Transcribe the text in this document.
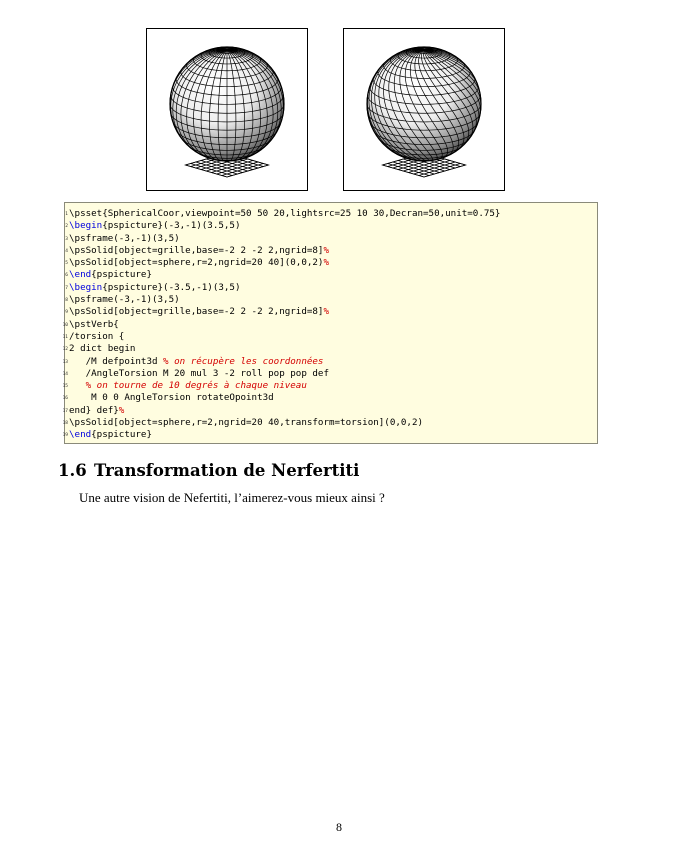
1 \psset{SphericalCoor,viewpoint=50 50 20,lightsrc=25 10 30,Decran=50,unit=0.75}
2 \begin{pspicture}(-3,-1)(3.5,5)
3 \psframe(-3,-1)(3,5)
4 \psSolid[object=grille,base=-2 2 -2 2,ngrid=8]%
5 \psSolid[object=sphere,r=2,ngrid=20 40](0,0,2)%
6 \end{pspicture}
7 \begin{pspicture}(-3.5,-1)(3,5)
8 \psframe(-3,-1)(3,5)
9 \psSolid[object=grille,base=-2 2 -2 2,ngrid=8]%
10 \pstVerb{
11 /torsion {
12 2 dict begin
13 /M defpoint3d % on récupère les coordonnées
14 /AngleTorsion M 20 mul 3 -2 roll pop pop def
15 % on tourne de 10 degrés à chaque niveau
16 M 0 0 AngleTorsion rotateOpoint3d
17 end} def}%
18 \psSolid[object=sphere,r=2,ngrid=20 40,transform=torsion](0,0,2)
19 \end{pspicture}
1.6 Transformation de Nerfertiti
Une autre vision de Nefertiti, l’aimerez-vous mieux ainsi ?
8
